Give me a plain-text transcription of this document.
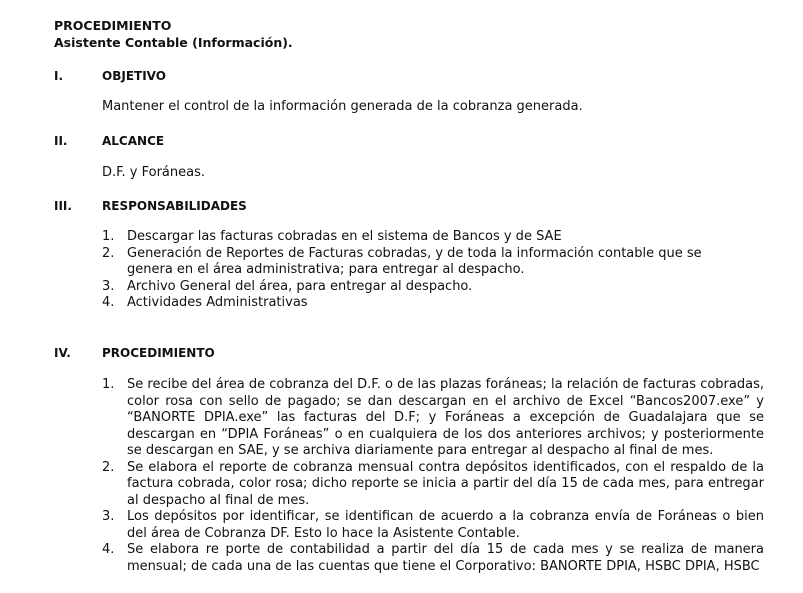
PROCEDIMIENTO
Asistente Contable (Información).
I.	OBJETIVO
Mantener el control de la información generada de la cobranza generada.
II.	ALCANCE
D.F. y Foráneas.
III.	RESPONSABILIDADES
1. Descargar las facturas cobradas en el sistema de Bancos y de SAE
2. Generación de Reportes de Facturas cobradas, y de toda la información contable que se genera en el área administrativa; para entregar al despacho.
3. Archivo General del área, para entregar al despacho.
4. Actividades Administrativas
IV.	PROCEDIMIENTO
1. Se recibe del área de cobranza del D.F. o de las plazas foráneas; la relación de facturas cobradas, color rosa con sello de pagado; se dan descargan en el archivo de Excel “Bancos2007.exe” y “BANORTE DPIA.exe” las facturas del D.F; y Foráneas a excepción de Guadalajara que se descargan en “DPIA Foráneas” o en cualquiera de los dos anteriores archivos; y posteriormente se descargan en SAE, y se archiva diariamente para entregar al despacho al final de mes.
2. Se elabora el reporte de cobranza mensual contra depósitos identificados, con el respaldo de la factura cobrada, color rosa; dicho reporte se inicia a partir del día 15 de cada mes, para entregar al despacho al final de mes.
3. Los depósitos por identificar, se identifican de acuerdo a la cobranza envía de Foráneas o bien del área de Cobranza DF. Esto lo hace la Asistente Contable.
4. Se elabora re porte de contabilidad a partir del día 15 de cada mes y se realiza de manera mensual; de cada una de las cuentas que tiene el Corporativo: BANORTE DPIA, HSBC DPIA, HSBC
